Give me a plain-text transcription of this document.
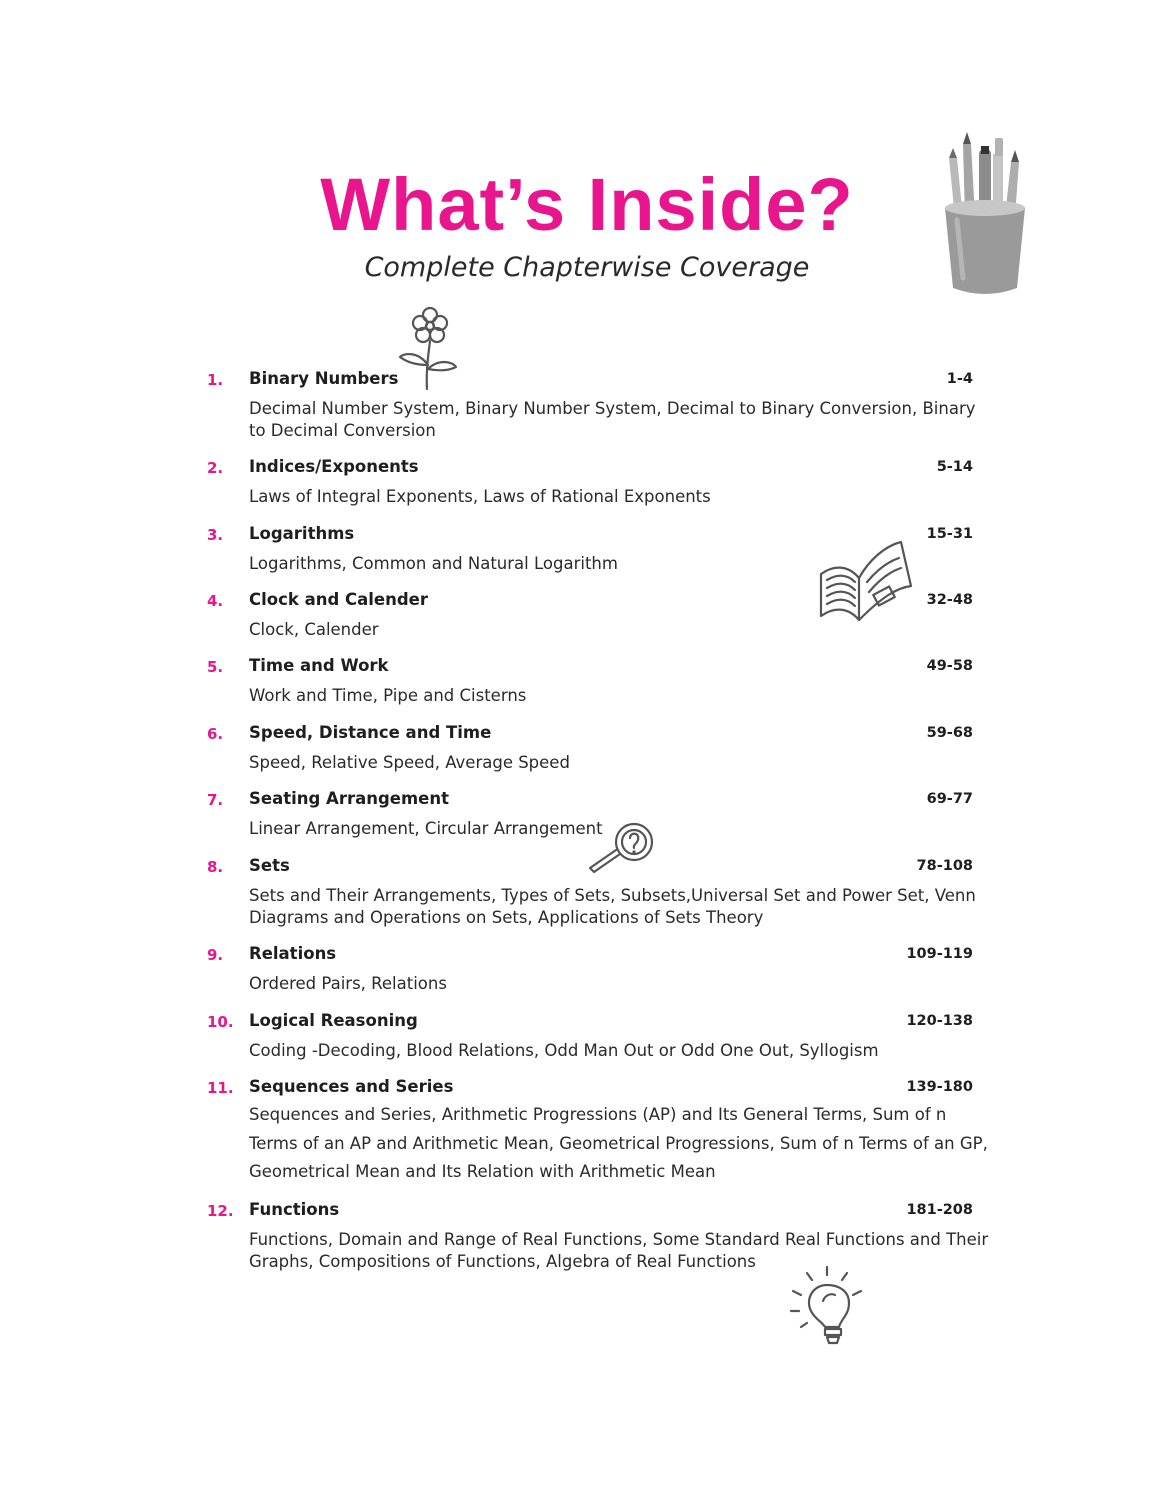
What’s Inside?
Complete Chapterwise Coverage
1. Binary Numbers	1-4
Decimal Number System, Binary Number System, Decimal to Binary Conversion, Binary to Decimal Conversion
2. Indices/Exponents	5-14
Laws of Integral Exponents, Laws of Rational Exponents
3. Logarithms	15-31
Logarithms, Common and Natural Logarithm
4. Clock and Calender	32-48
Clock, Calender
5. Time and Work	49-58
Work and Time, Pipe and Cisterns
6. Speed, Distance and Time	59-68
Speed, Relative Speed, Average Speed
7. Seating Arrangement	69-77
Linear Arrangement, Circular Arrangement
8. Sets	78-108
Sets and Their Arrangements, Types of Sets, Subsets,Universal Set and Power Set, Venn Diagrams and Operations on Sets, Applications of Sets Theory
9. Relations	109-119
Ordered Pairs, Relations
10. Logical Reasoning	120-138
Coding -Decoding, Blood Relations, Odd Man Out or Odd One Out, Syllogism
11. Sequences and Series	139-180
Sequences and Series, Arithmetic Progressions (AP) and Its General Terms, Sum of n Terms of an AP and Arithmetic Mean, Geometrical Progressions, Sum of n Terms of an GP, Geometrical Mean and Its Relation with Arithmetic Mean
12. Functions	181-208
Functions, Domain and Range of Real Functions, Some Standard Real Functions and Their Graphs, Compositions of Functions, Algebra of Real Functions
